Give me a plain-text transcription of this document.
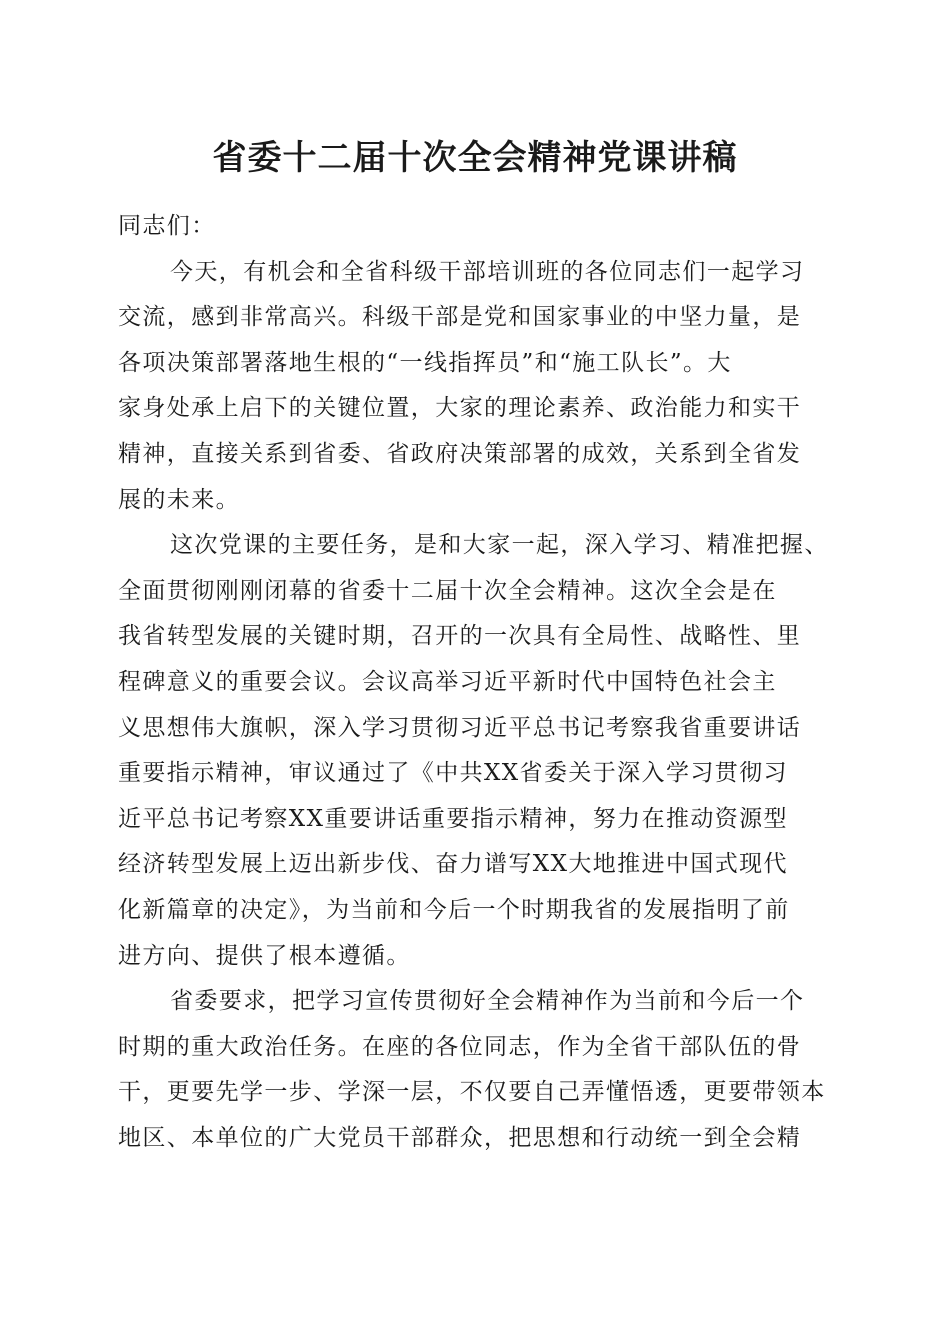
省委十二届十次全会精神党课讲稿
同志们：
今天，有机会和全省科级干部培训班的各位同志们一起学习
交流，感到非常高兴。科级干部是党和国家事业的中坚力量，是
各项决策部署落地生根的“一线指挥员”和“施工队长”。大
家身处承上启下的关键位置，大家的理论素养、政治能力和实干
精神，直接关系到省委、省政府决策部署的成效，关系到全省发
展的未来。
这次党课的主要任务，是和大家一起，深入学习、精准把握、
全面贯彻刚刚闭幕的省委十二届十次全会精神。这次全会是在
我省转型发展的关键时期，召开的一次具有全局性、战略性、里
程碑意义的重要会议。会议高举习近平新时代中国特色社会主
义思想伟大旗帜，深入学习贯彻习近平总书记考察我省重要讲话
重要指示精神，审议通过了《中共XX省委关于深入学习贯彻习
近平总书记考察XX重要讲话重要指示精神，努力在推动资源型
经济转型发展上迈出新步伐、奋力谱写XX大地推进中国式现代
化新篇章的决定》，为当前和今后一个时期我省的发展指明了前
进方向、提供了根本遵循。
省委要求，把学习宣传贯彻好全会精神作为当前和今后一个
时期的重大政治任务。在座的各位同志，作为全省干部队伍的骨
干，更要先学一步、学深一层，不仅要自己弄懂悟透，更要带领本
地区、本单位的广大党员干部群众，把思想和行动统一到全会精
